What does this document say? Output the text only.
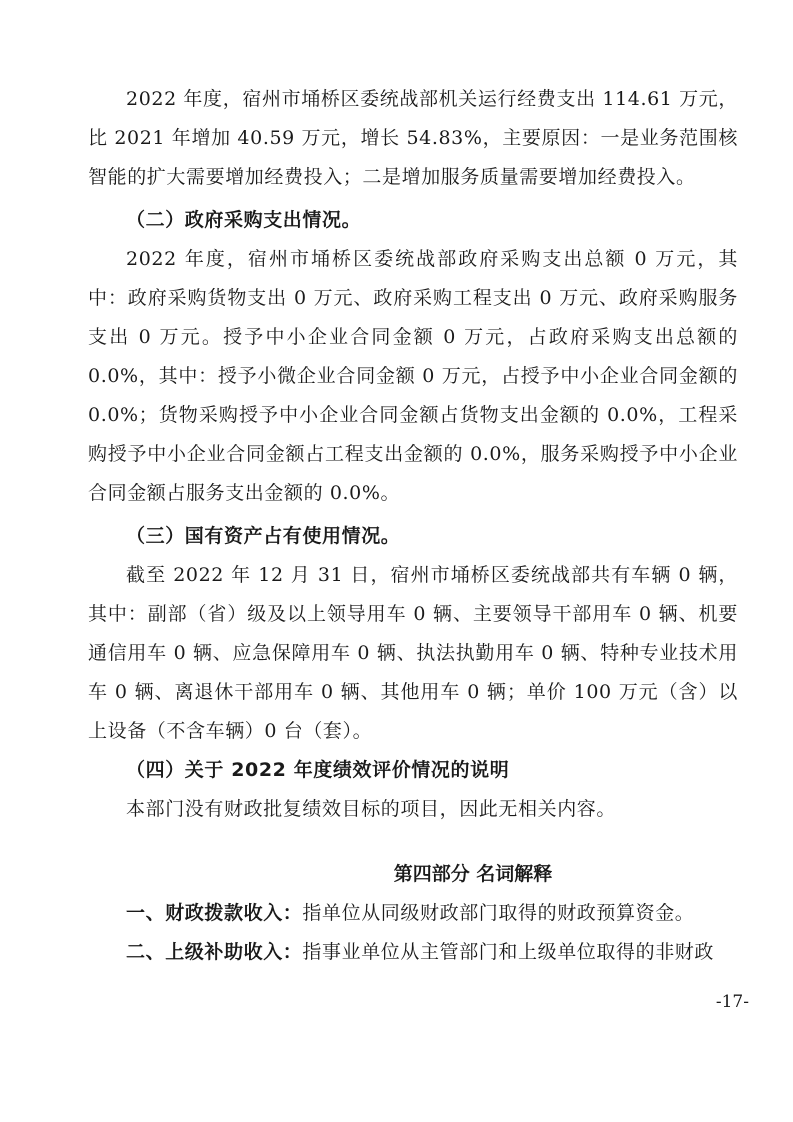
2022 年度，宿州市埇桥区委统战部机关运行经费支出 114.61 万元，比 2021 年增加 40.59 万元，增长 54.83%，主要原因：一是业务范围核智能的扩大需要增加经费投入；二是增加服务质量需要增加经费投入。

（二）政府采购支出情况。

2022 年度，宿州市埇桥区委统战部政府采购支出总额 0 万元，其中：政府采购货物支出 0 万元、政府采购工程支出 0 万元、政府采购服务支出 0 万元。授予中小企业合同金额 0 万元，占政府采购支出总额的 0.0%，其中：授予小微企业合同金额 0 万元，占授予中小企业合同金额的 0.0%；货物采购授予中小企业合同金额占货物支出金额的 0.0%，工程采购授予中小企业合同金额占工程支出金额的 0.0%，服务采购授予中小企业合同金额占服务支出金额的 0.0%。

（三）国有资产占有使用情况。

截至 2022 年 12 月 31 日，宿州市埇桥区委统战部共有车辆 0 辆，其中：副部（省）级及以上领导用车 0 辆、主要领导干部用车 0 辆、机要通信用车 0 辆、应急保障用车 0 辆、执法执勤用车 0 辆、特种专业技术用车 0 辆、离退休干部用车 0 辆、其他用车 0 辆；单价 100 万元（含）以上设备（不含车辆）0 台（套）。

（四）关于 2022 年度绩效评价情况的说明

本部门没有财政批复绩效目标的项目，因此无相关内容。

第四部分 名词解释

一、财政拨款收入：指单位从同级财政部门取得的财政预算资金。

二、上级补助收入：指事业单位从主管部门和上级单位取得的非财政

-17-
